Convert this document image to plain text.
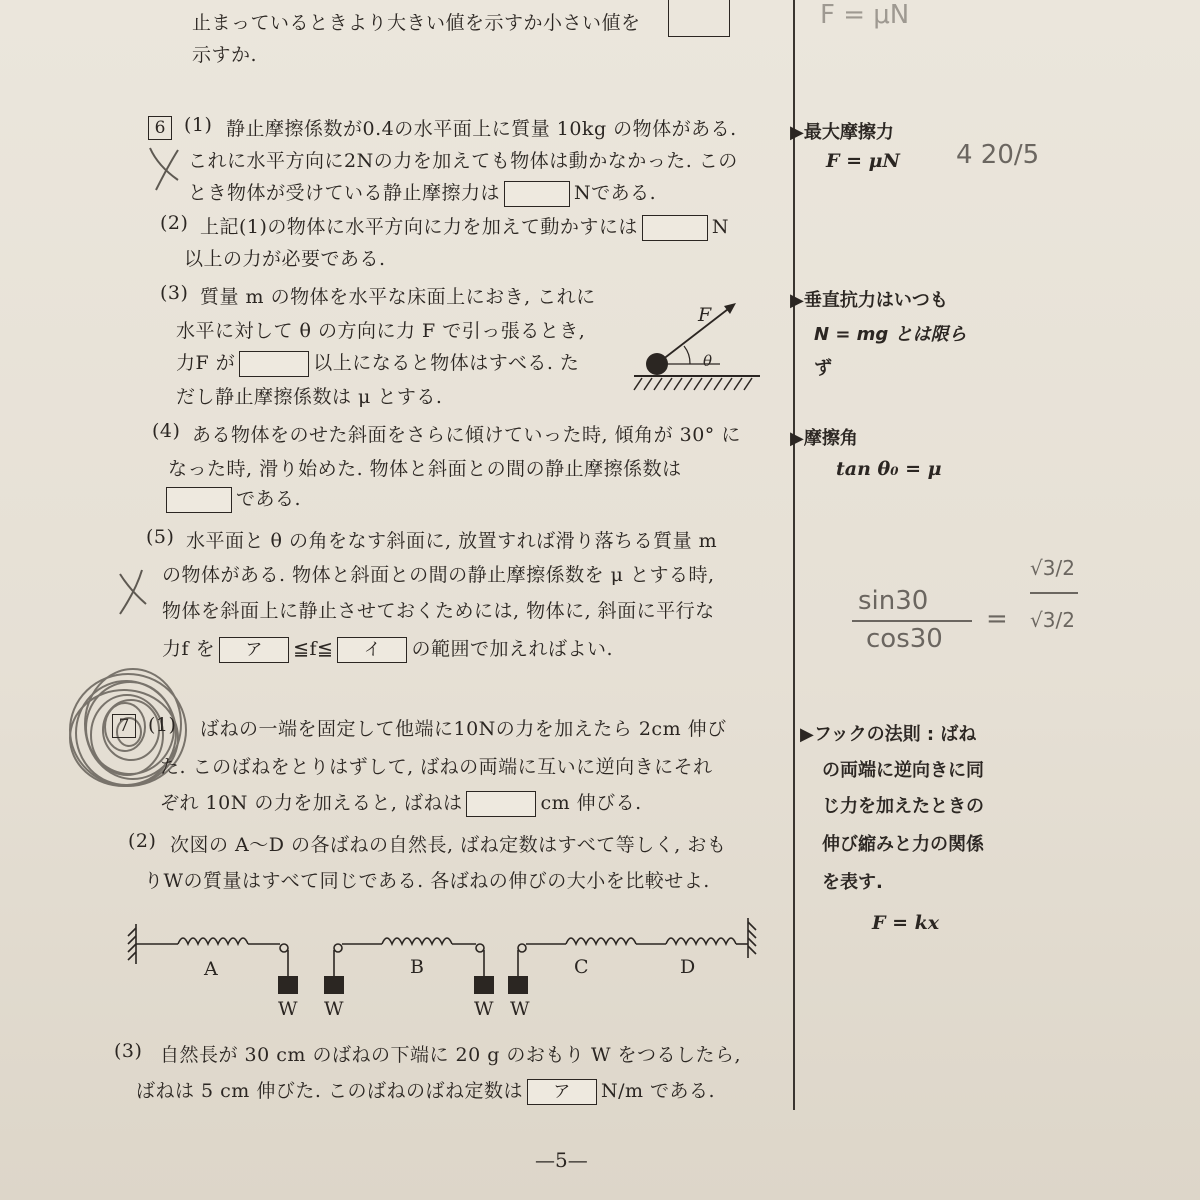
止まっているときより大きい値を示すか小さい値を
示すか.
6 (1) 静止摩擦係数が0.4の水平面上に質量 10kg の物体がある.
これに水平方向に2Nの力を加えても物体は動かなかった. この
とき物体が受けている静止摩擦力は	Nである.
(2) 上記(1)の物体に水平方向に力を加えて動かすには	N
以上の力が必要である.
(3) 質量 m の物体を水平な床面上におき, これに
水平に対して θ の方向に力 F で引っ張るとき,
力F が	以上になると物体はすべる. た
だし静止摩擦係数は μ とする.
F
θ
(4) ある物体をのせた斜面をさらに傾けていった時, 傾角が 30° に
なった時, 滑り始めた. 物体と斜面との間の静止摩擦係数は
である.
(5) 水平面と θ の角をなす斜面に, 放置すれば滑り落ちる質量 m
の物体がある. 物体と斜面との間の静止摩擦係数を μ とする時,
物体を斜面上に静止させておくためには, 物体に, 斜面に平行な
力f を ア ≦f≦ イ の範囲で加えればよい.
7 (1) ばねの一端を固定して他端に10Nの力を加えたら 2cm 伸び
た. このばねをとりはずして, ばねの両端に互いに逆向きにそれ
ぞれ 10N の力を加えると, ばねは	cm 伸びる.
(2) 次図の A～D の各ばねの自然長, ばね定数はすべて等しく, おも
りWの質量はすべて同じである. 各ばねの伸びの大小を比較せよ.
A	B	C	D
W W	W W
(3) 自然長が 30 cm のばねの下端に 20 g のおもり W をつるしたら,
ばねは 5 cm 伸びた. このばねのばね定数は ア N/m である.
▶最大摩擦力
F = μN
▶垂直抗力はいつも
N = mg とは限ら
ず
▶摩擦角
tan θ₀ = μ
▶フックの法則 : ばね
の両端に逆向きに同
じ力を加えたときの
伸び縮みと力の関係
を表す.
F = kx
F = μN
4 20/5
sin30
cos30
=
√3/2
√3/2
—5—
